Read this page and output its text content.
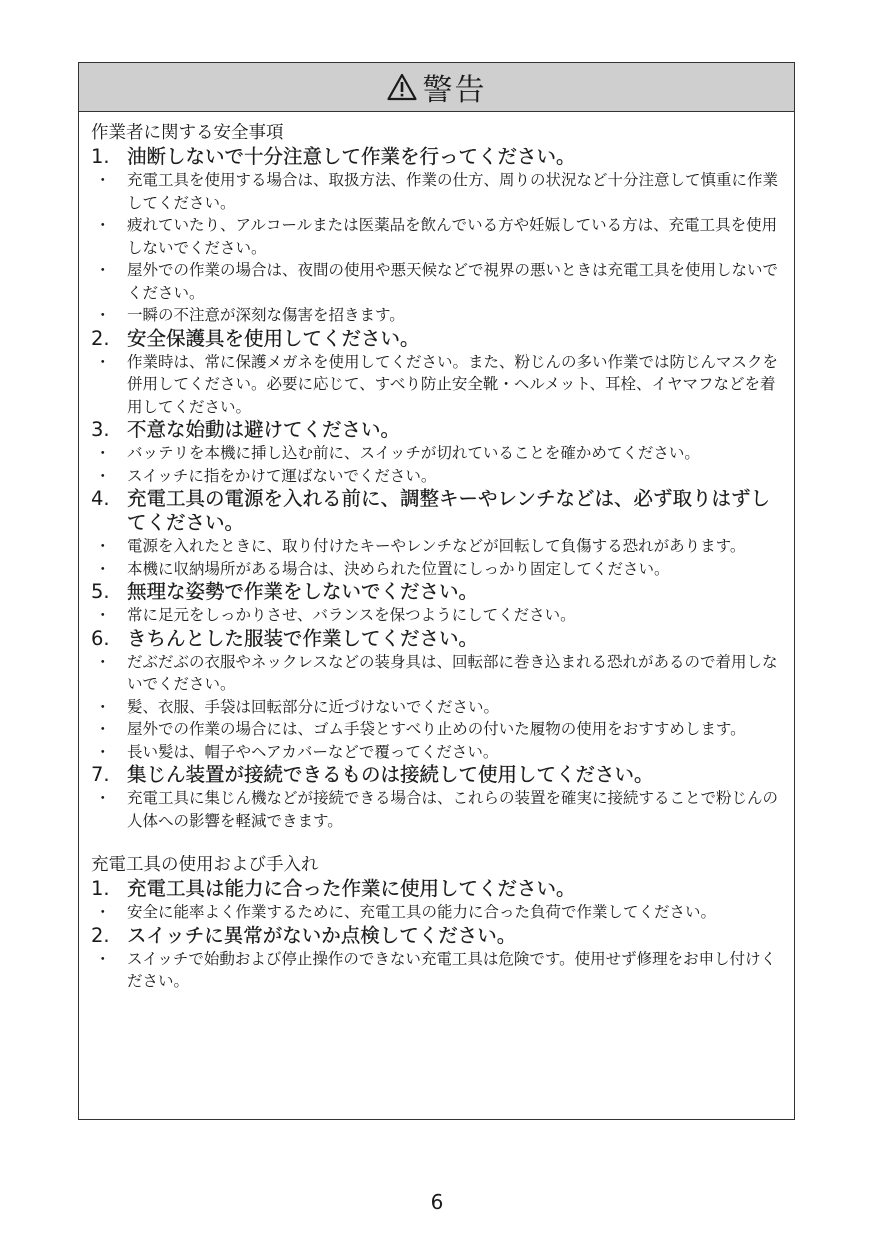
警告
作業者に関する安全事項
1. 油断しないで十分注意して作業を行ってください。
・	充電工具を使用する場合は、取扱方法、作業の仕方、周りの状況など十分注意して慎重に作業してください。
・	疲れていたり、アルコールまたは医薬品を飲んでいる方や妊娠している方は、充電工具を使用しないでください。
・	屋外での作業の場合は、夜間の使用や悪天候などで視界の悪いときは充電工具を使用しないでください。
・	一瞬の不注意が深刻な傷害を招きます。
2. 安全保護具を使用してください。
・	作業時は、常に保護メガネを使用してください。また、粉じんの多い作業では防じんマスクを併用してください。必要に応じて、すべり防止安全靴・ヘルメット、耳栓、イヤマフなどを着用してください。
3. 不意な始動は避けてください。
・	バッテリを本機に挿し込む前に、スイッチが切れていることを確かめてください。
・	スイッチに指をかけて運ばないでください。
4. 充電工具の電源を入れる前に、調整キーやレンチなどは、必ず取りはずしてください。
・	電源を入れたときに、取り付けたキーやレンチなどが回転して負傷する恐れがあります。
・	本機に収納場所がある場合は、決められた位置にしっかり固定してください。
5. 無理な姿勢で作業をしないでください。
・	常に足元をしっかりさせ、バランスを保つようにしてください。
6. きちんとした服装で作業してください。
・	だぶだぶの衣服やネックレスなどの装身具は、回転部に巻き込まれる恐れがあるので着用しないでください。
・	髪、衣服、手袋は回転部分に近づけないでください。
・	屋外での作業の場合には、ゴム手袋とすべり止めの付いた履物の使用をおすすめします。
・	長い髪は、帽子やヘアカバーなどで覆ってください。
7. 集じん装置が接続できるものは接続して使用してください。
・	充電工具に集じん機などが接続できる場合は、これらの装置を確実に接続することで粉じんの人体への影響を軽減できます。
充電工具の使用および手入れ
1. 充電工具は能力に合った作業に使用してください。
・	安全に能率よく作業するために、充電工具の能力に合った負荷で作業してください。
2. スイッチに異常がないか点検してください。
・	スイッチで始動および停止操作のできない充電工具は危険です。使用せず修理をお申し付けください。
6
